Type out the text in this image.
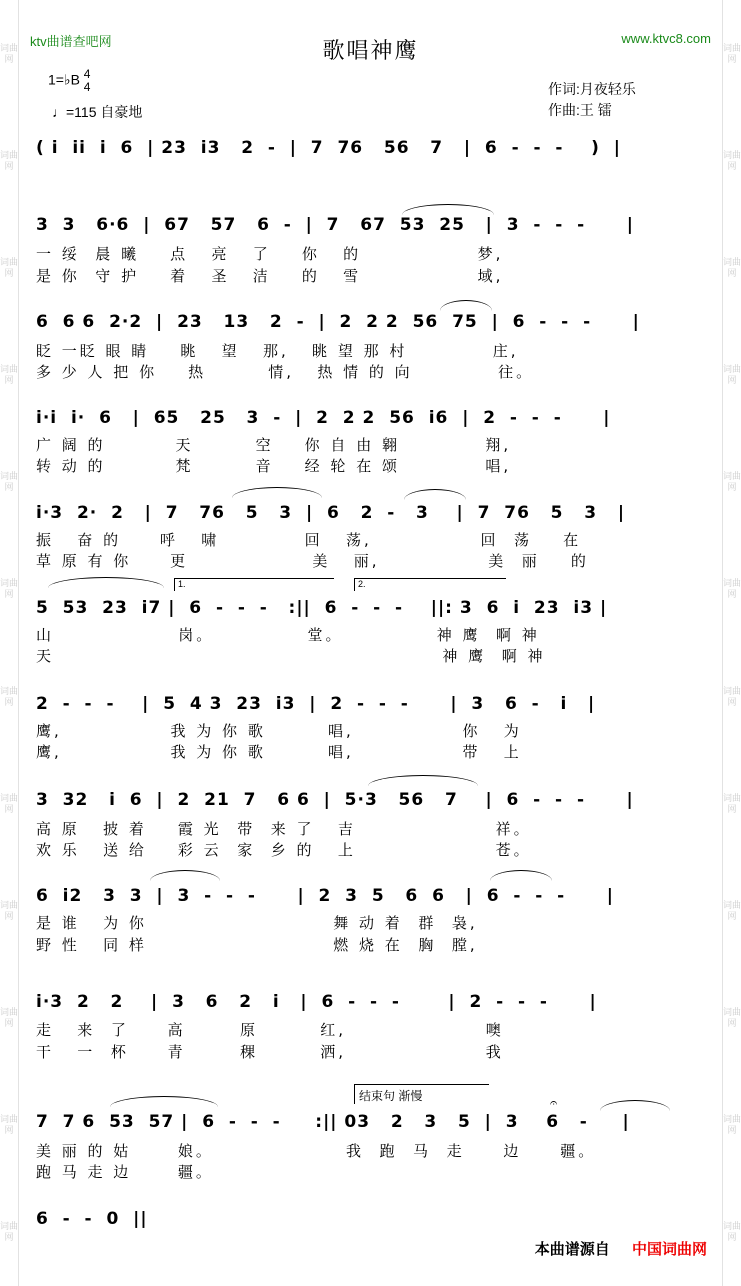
词曲网
词曲网
词曲网
词曲网
词曲网
词曲网
词曲网
词曲网
词曲网
词曲网
词曲网
词曲网
词曲网
词曲网
词曲网
词曲网
词曲网
词曲网
词曲网
词曲网
词曲网
词曲网
词曲网
词曲网
ktv曲谱查吧网	www.ktvc8.com
歌唱神鹰
1=♭B 4
4
♩=115 自豪地
作词:月夜轻乐
作曲:王 镭
( i  ii  i  6  | 23  i3   2  -  |  7  76   56   7   |  6  -  -  -    )  |
3  3   6·6  |  67   57   6  -  |  7   67  53  25   |  3  -  -  -      |
一 绥  晨 曦    点   亮   了    你   的               梦,
是 你  守 护    着   圣   洁    的   雪               域,
6  6 6  2·2  |  23   13   2  -  |  2  2 2  56  75  |  6  -  -  -      |
眨 一眨 眼 睛    眺   望   那,   眺 望 那 村           庄,
多 少 人 把 你    热        情,   热 情 的 向           往。
i·i  i·  6   |  65   25   3  -  |  2  2 2  56  i6  |  2  -  -  -      |
广 阔 的         天        空    你 自 由 翱           翔,
转 动 的         梵        音    经 轮 在 颂           唱,
i·3  2·  2   |  7   76   5   3  |  6   2  -   3    |  7  76   5   3   |
振   奋 的     呼   啸           回   荡,              回  荡    在
草 原 有 你     更                美   丽,              美  丽    的
1.	2.
5  53  23  i7 |  6  -  -  -   :||  6  -  -  -    ||: 3  6  i  23  i3 |
山                岗。            堂。            神 鹰  啊 神
天                                                  神 鹰  啊 神
2  -  -  -    |  5  4 3  23  i3  |  2  -  -  -      |  3   6  -   i   |
鹰,              我 为 你 歌        唱,              你   为
鹰,              我 为 你 歌        唱,              带   上
3  32   i  6  |  2  21  7   6 6  |  5·3   56   7    |  6  -  -  -      |
高 原   披 着    霞 光  带  来 了   吉                  祥。
欢 乐   送 给    彩 云  家  乡 的   上                  苍。
6  i2   3  3  |  3  -  -  -      |  2  3  5   6  6   |  6  -  -  -      |
是 谁   为 你                        舞 动 着  群  袅,
野 性   同 样                        燃 烧 在  胸  膛,
i·3  2   2    |  3   6   2   i   |  6  -  -  -       |  2  -  -  -      |
走   来  了     高       原        红,                  噢
干   一  杯     青       稞        洒,                  我
结束句 渐慢	𝄐
7  7 6  53  57 |  6  -  -  -     :|| 03   2   3   5  |  3    6   -     |
美 丽 的 姑      娘。                 我  跑  马  走     边     疆。
跑 马 走 边      疆。
6  -  -  0  ||
本曲谱源自 中国词曲网
